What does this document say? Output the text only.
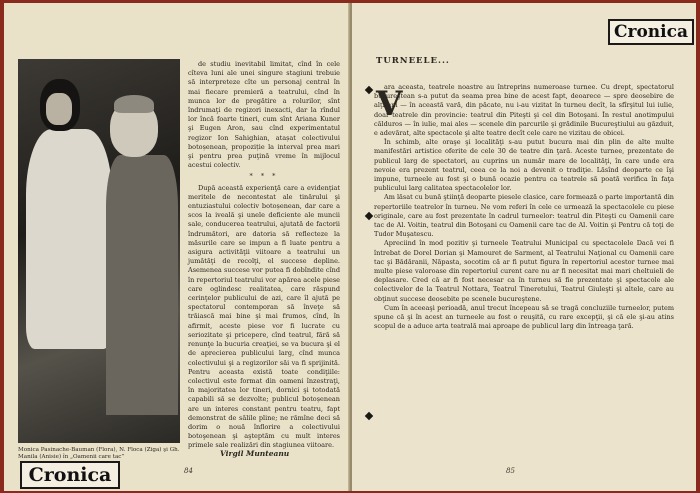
Monica Pasinache-Bauman (Flora), N. Floca (Ziga) şi Gh. Manila (Anisie) în „Oamenii care tac”

de studiu inevitabil limitat, cînd în cele cîteva luni ale unei singure stagiuni trebuie să interpreteze cîte un personaj central în mai fiecare premieră a teatrului, cînd în munca lor de pregătire a rolurilor, sînt îndrumaţi de regizori inexacti, dar la rîndul lor încă foarte tineri, cum sînt Ariana Kuner şi Eugen Aron, sau cînd experimentatul regizor Ion Sahighian, atașat colectivului botoșenean, propoziție la interval prea mari şi pentru prea puţină vreme în mijlocul acestui colectiv.

* * *

După această experienţă care a evidenţiat meritele de necontestat ale tinărului şi entuziastului colectiv botoșenean, dar care a scos la iveală şi unele deficiente ale muncii sale, conducerea teatrului, ajutată de factorii îndrumători, are datoria să reflecteze la măsurile care se impun a fi luate pentru a asigura activităţii viitoare a teatrului un jumătăţi de recolţi, el succese depline. Asemenea succese vor putea fi dobîndite cînd în repertoriul teatrului vor apărea acele piese care oglindesc realitatea, care răspund cerinţelor publicului de azi, care îl ajută pe spectatorul contemporan să înveţe să trăiască mai bine şi mai frumos, cînd, în afirmit, aceste piese vor fi lucrate cu seriozitate şi pricepere, cînd teatrul, fără să renunţe la bucuria creaţiei, se va bucura şi el de aprecierea publicului larg, cînd munca colectivului şi a regizorilor săi va fi sprijinită. Pentru aceasta există toate condiţiile: colectivul este format din oameni înzestraţi, în majoritatea lor tineri, dornici şi totodată capabili să se dezvolte; publicul botoșenean are un interes constant pentru teatru, fapt demonstrat de sălile pline; ne rămîne deci să dorim o nouă înflorire a colectivului botoşenean şi aşteptăm cu mult interes primele sale realizări din stagiunea viitoare.

Virgil Munteanu
84
Cronica
Cronica
TURNEELE...
V

ara aceasta, teatrele noastre au întreprins numeroase turnee. Cu drept, spectatorul bucureştean s-a putut da seama prea bine de acest fapt, deoarece — spre deosebire de alţi ani — în această vară, din păcate, nu i-au vizitat în turneu decît, la sfîrşitul lui iulie, doar teatrele din provincie: teatrul din Piteşti şi cel din Botoşani. În restul anotimpului călduros — în iulie, mai ales — scenele din parcurile şi grădinile Bucureştiului au găzduit, e adevărat, alte spectacole şi alte teatre decît cele care ne vizitau de obicei.

În schimb, alte oraşe şi localităţi s-au putut bucura mai din plin de alte multe manifestări artistice oferite de cele 30 de teatre din ţară. Aceste turnee, prezentate de publicul larg de spectatori, au cuprins un număr mare de localităţi, în care unde era nevoie era prezent teatrul, ceea ce la noi a devenit o tradiţie. Lăsînd deoparte ce îşi impune, turneele au fost şi o bună ocazie pentru ca teatrele să poată verifica în faţa publicului larg calitatea spectacolelor lor.

Am lăsat cu bună ştiinţă deoparte piesele clasice, care formează o parte importantă din repertoriile teatrelor în turneu. Ne vom referi în cele ce urmează la spectacolele cu piese originale, care au fost prezentate în cadrul turneelor: teatrul din Piteşti cu Oamenii care tac de Al. Voitin, teatrul din Botoşani cu Oamenii care tac de Al. Voitin şi Pentru că toţi de Tudor Muşatescu.

Apreciind în mod pozitiv şi turneele Teatrului Municipal cu spectacolele Dacă vei fi întrebat de Dorel Dorian şi Mamouret de Sarment, al Teatrului Naţional cu Oamenii care tac şi Bădăranii, Năpasta, socotim că ar fi putut figura în repertoriul acestor turnee mai multe piese valoroase din repertoriul curent care nu ar fi necesitat mai mari cheltuieli de deplasare. Cred că ar fi fost necesar ca în turneu să fie prezentate şi spectacole ale colectivelor de la Teatrul Nottara, Teatrul Tineretului, Teatrul Giuleşti şi altele, care au obţinut succese deosebite pe scenele bucureştene.

Cum în aceeaşi perioadă, anul trecut începeau să se tragă concluziile turneelor, putem spune că şi în acest an turneele au fost o reuşită, cu rare excepţii, şi că ele şi-au atins scopul de a aduce arta teatrală mai aproape de publicul larg din întreaga ţară.

85
